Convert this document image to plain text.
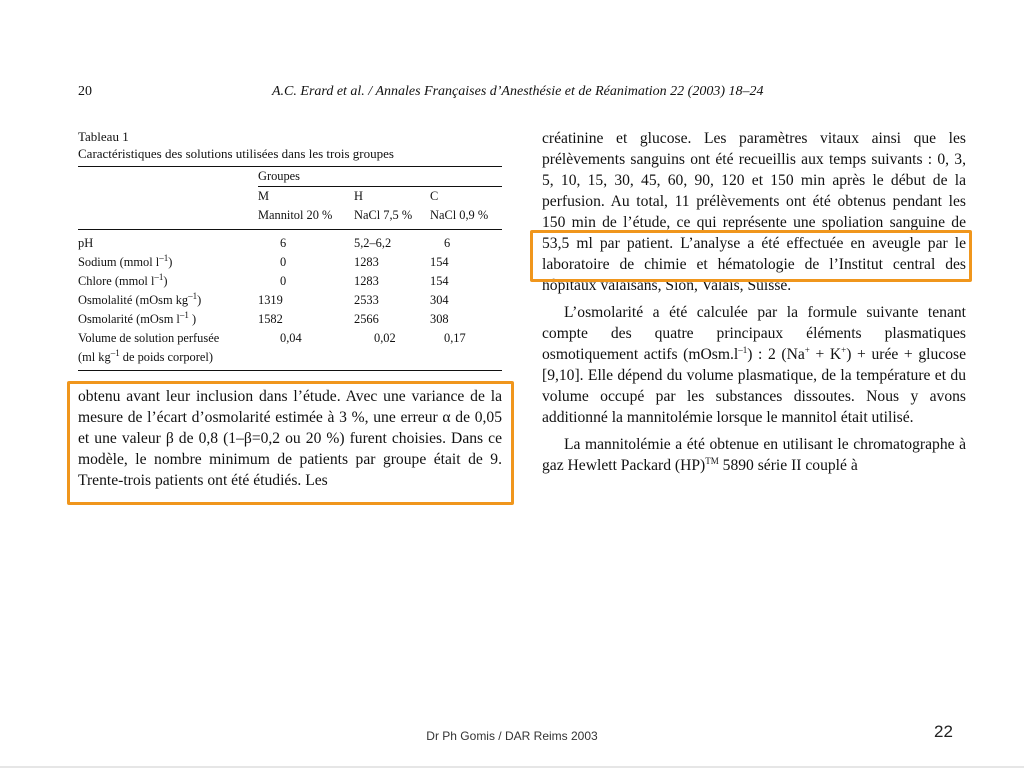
20	A.C. Erard et al. / Annales Françaises d’Anesthésie et de Réanimation 22 (2003) 18–24
Tableau 1
Caractéristiques des solutions utilisées dans les trois groupes
	Groupes		
	M	H	C
	Mannitol 20 %	NaCl 7,5 %	NaCl 0,9 %
pH	6	5,2–6,2	6
Sodium (mmol $l^{-1}$)	0	1283	154
Chlore (mmol $l^{-1}$)	0	1283	154
Osmolalité (mOsm $kg^{-1}$)	1319	2533	304
Osmolarité (mOsm $l^{-1}$ )	1582	2566	308
Volume de solution perfusée
(ml $kg^{-1}$ de poids corporel)	0,04	0,02	0,17

obtenu avant leur inclusion dans l’étude. Avec une variance de la mesure de l’écart d’osmolarité estimée à 3 %, une erreur α de 0,05 et une valeur β de 0,8 (1–β=0,2 ou 20 %) furent choisies. Dans ce modèle, le nombre minimum de patients par groupe était de 9. Trente-trois patients ont été étudiés. Les

créatinine et glucose. Les paramètres vitaux ainsi que les prélèvements sanguins ont été recueillis aux temps suivants : 0, 3, 5, 10, 15, 30, 45, 60, 90, 120 et 150 min après le début de la perfusion. Au total, 11 prélèvements ont été obtenus pendant les 150 min de l’étude, ce qui représente une spoliation sanguine de 53,5 ml par patient. L’analyse a été effectuée en aveugle par le laboratoire de chimie et hématologie de l’Institut central des hôpitaux valaisans, Sion, Valais, Suisse.

L’osmolarité a été calculée par la formule suivante tenant compte des quatre principaux éléments plasmatiques osmotiquement actifs $(mOsm.l^{-1})$ : 2 (Na+ + K+) + urée + glucose [9,10]. Elle dépend du volume plasmatique, de la température et du volume occupé par les substances dissoutes. Nous y avons additionné la mannitolémie lorsque le mannitol était utilisé.

La mannitolémie a été obtenue en utilisant le chromatographe à gaz Hewlett Packard (HP)™ 5890 série II couplé à

Dr Ph Gomis / DAR Reims 2003	22
